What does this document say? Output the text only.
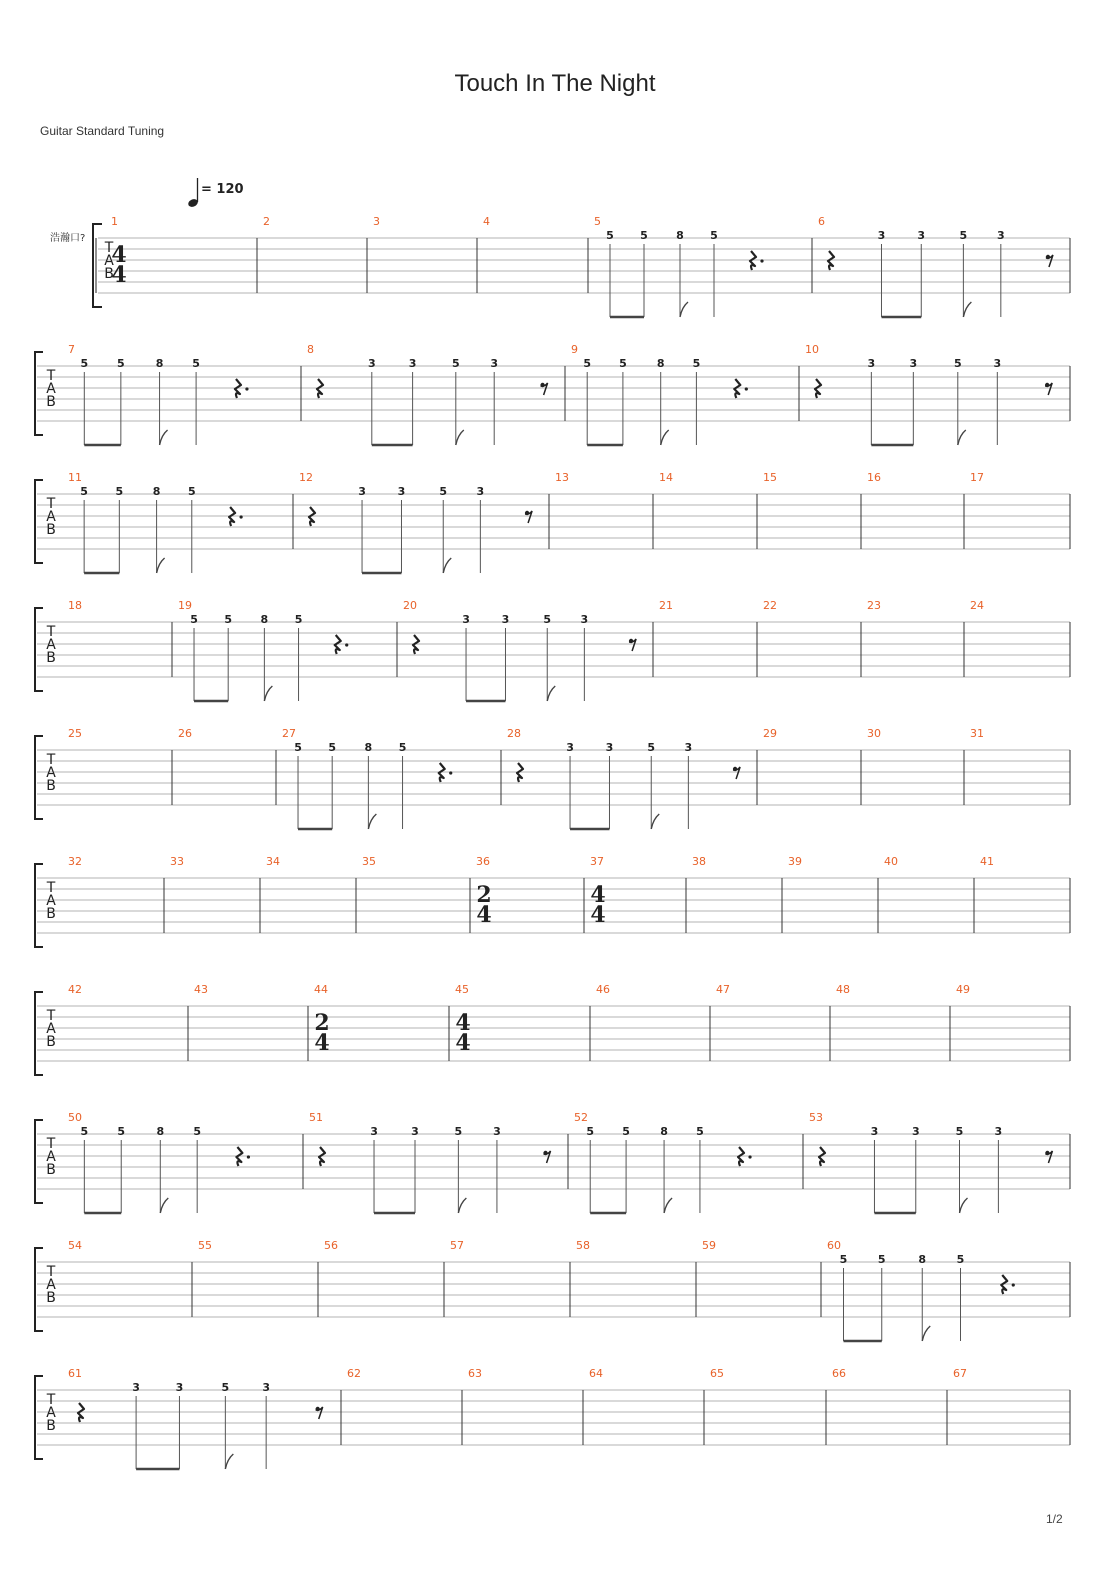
Touch In The Night
Guitar Standard Tuning
1/2
= 120
浩瀚口?
T
A
B
1
4
4
2	3	4	5
5 5	8 5
6
3	3	5	3
T
A
B
7
5	5	8	5
8
3	3	5	3
9
5	5	8	5
10
3	3	5	3
T
A
B
11
5	5	8	5
12
3	3	5	3
13	14	15	16	17
T
A
B
18	19
5 5	8 5
20
3	3	5	3
21	22	23	24
T
A
B
25	26	27
5 5	8 5
28
3	3	5	3
29	30	31
T
A
B
32	33	34	35	36
2
4
37
4
4
38	39	40	41
T
A
B
42	43	44
2
4
45
4
4
46	47	48	49
T
A
B
50
5	5	8	5
51
3	3	5	3
52
5	5	8	5
53
3	3	5	3
T
A
B
54	55	56	57	58	59	60
5	5	8	5
T
A
B
61
3	3	5	3
62	63	64	65	66	67
